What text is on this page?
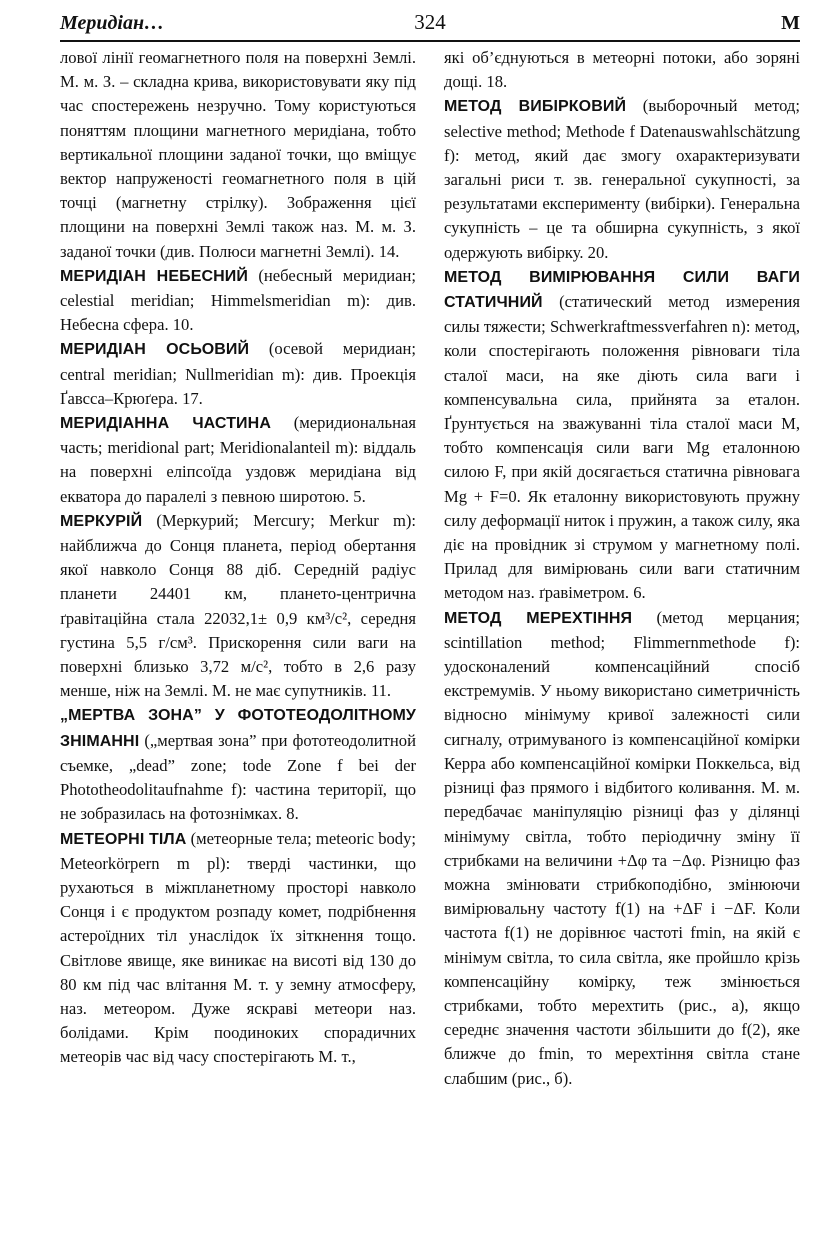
Меридіан…	324	М

ловоï лініï геомагнетного поля на поверхні Землі. М. м. З. – складна крива, використовувати яку під час спостережень незручно. Тому користуються поняттям площини магнетного меридіана, тобто вертикальноï площини заданоï точки, що вміщує вектор напруженості геомагнетного поля в цій точці (магнетну стрілку). Зображення цієï площини на поверхні Землі також наз. М. м. З. заданоï точки (див. Полюси магнетні Землі). 14.

МЕРИДІАН НЕБЕСНИЙ (небесный меридиан; celestial meridian; Himmelsmeridian m): див. Небесна сфера. 10.

МЕРИДІАН ОСЬОВИЙ (осевой меридиан; central meridian; Nullmeridian m): див. Проекція Ґавсса–Крюґера. 17.

МЕРИДІАННА ЧАСТИНА (меридиональная часть; meridional part; Meridionalanteil m): віддаль на поверхні еліпсоïда уздовж меридіана від екватора до паралелі з певною широтою. 5.

МЕРКУРІЙ (Меркурий; Mercury; Merkur m): найближча до Сонця планета, період обертання якоï навколо Сонця 88 діб. Середній радіус планети 24401 км, плането-центрична ґравітаційна стала 22032,1± 0,9 км³/с², середня густина 5,5 г/см³. Прискорення сили ваги на поверхні близько 3,72 м/с², тобто в 2,6 разу менше, ніж на Землі. М. не має супутників. 11.

„МЕРТВА ЗОНА” У ФОТОТЕОДОЛІТНОМУ ЗНІМАННІ („мертвая зона” при фототеодолитной съемке, „dead” zone; tode Zone f bei der Phototheodolitaufnahme f): частина території, що не зобразилась на фотознімках. 8.

МЕТЕОРНІ ТІЛА (метеорные тела; meteoric body; Meteorkörpern m pl): тверді частинки, що рухаються в міжпланетному просторі навколо Сонця і є продуктом розпаду комет, подрібнення астероïдних тіл унаслідок ïх зіткнення тощо. Світлове явище, яке виникає на висоті від 130 до 80 км під час влітання М. т. у земну атмосферу, наз. метеором. Дуже яскраві метеори наз. болідами. Крім поодиноких спорадичних метеорів час від часу спостерігають М. т.,

які об’єднуються в метеорні потоки, або зоряні дощі. 18.

МЕТОД ВИБІРКОВИЙ (выборочный метод; selective method; Methode f Datenauswahlschätzung f): метод, який дає змогу охарактеризувати загальні риси т. зв. генеральноï сукупності, за результатами експерименту (вибірки). Генеральна сукупність – це та обширна сукупність, з якоï одержують вибірку. 20.

МЕТОД ВИМІРЮВАННЯ СИЛИ ВАГИ СТАТИЧНИЙ (статический метод измерения силы тяжести; Schwerkraftmessverfahren n): метод, коли спостерігають положення рівноваги тіла сталоï маси, на яке діють сила ваги і компенсувальна сила, прийнята за еталон. Ґрунтується на зважуванні тіла сталоï маси M, тобто компенсація сили ваги Mg еталонною силою F, при якій досягається статична рівновага Mg + F=0. Як еталонну використовують пружну силу деформаціï ниток і пружин, а також силу, яка діє на провідник зі струмом у магнетному полі. Прилад для вимірювань сили ваги статичним методом наз. ґравіметром. 6.

МЕТОД МЕРЕХТІННЯ (метод мерцания; scintillation method; Flimmernmethode f): удосконалений компенсаційний спосіб екстремумів. У ньому використано симетричність відносно мінімуму кривоï залежності сили сигналу, отримуваного із компенсаційноï комірки Керра або компенсаційноï комірки Поккельса, від різниці фаз прямого і відбитого коливання. М. м. передбачає маніпуляцію різниці фаз у ділянці мінімуму світла, тобто періодичну зміну ïï стрибками на величини +Δφ та −Δφ. Різницю фаз можна змінювати стрибкоподібно, змінюючи вимірювальну частоту f(1) на +ΔF і −ΔF. Коли частота f(1) не дорівнює частоті fmin, на якій є мінімум світла, то сила світла, яке пройшло крізь компенсаційну комірку, теж змінюється стрибками, тобто мерехтить (рис., а), якщо середнє значення частоти збільшити до f(2), яке ближче до fmin, то мерехтіння світла стане слабшим (рис., б).
